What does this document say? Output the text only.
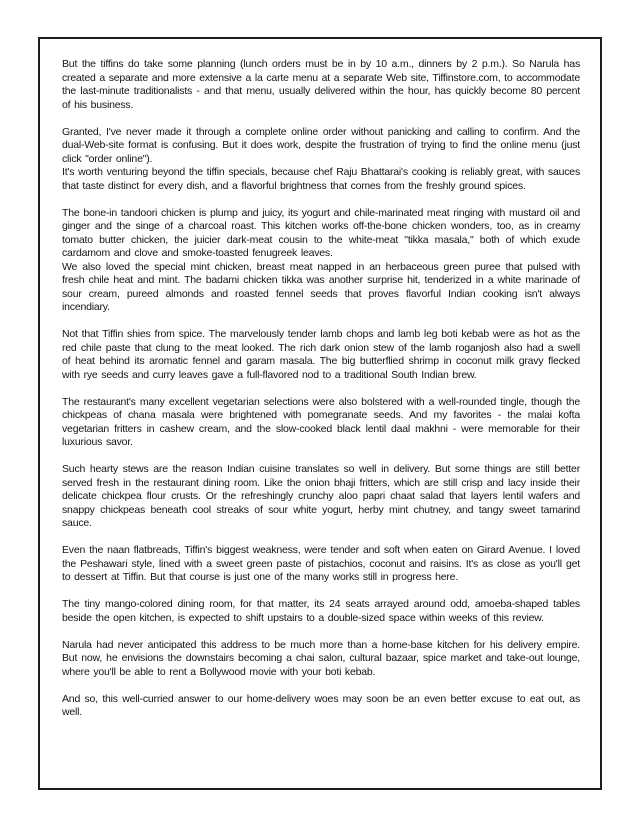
But the tiffins do take some planning (lunch orders must be in by 10 a.m., dinners by 2 p.m.). So Narula has created a separate and more extensive a la carte menu at a separate Web site, Tiffinstore.com, to accommodate the last-minute traditionalists - and that menu, usually delivered within the hour, has quickly become 80 percent of his business.

Granted, I've never made it through a complete online order without panicking and calling to confirm. And the dual-Web-site format is confusing. But it does work, despite the frustration of trying to find the online menu (just click "order online").

It's worth venturing beyond the tiffin specials, because chef Raju Bhattarai's cooking is reliably great, with sauces that taste distinct for every dish, and a flavorful brightness that comes from the freshly ground spices.

The bone-in tandoori chicken is plump and juicy, its yogurt and chile-marinated meat ringing with mustard oil and ginger and the singe of a charcoal roast. This kitchen works off-the-bone chicken wonders, too, as in creamy tomato butter chicken, the juicier dark-meat cousin to the white-meat "tikka masala," both of which exude cardamom and clove and smoke-toasted fenugreek leaves.

We also loved the special mint chicken, breast meat napped in an herbaceous green puree that pulsed with fresh chile heat and mint. The badami chicken tikka was another surprise hit, tenderized in a white marinade of sour cream, pureed almonds and roasted fennel seeds that proves flavorful Indian cooking isn't always incendiary.

Not that Tiffin shies from spice. The marvelously tender lamb chops and lamb leg boti kebab were as hot as the red chile paste that clung to the meat looked. The rich dark onion stew of the lamb roganjosh also had a swell of heat behind its aromatic fennel and garam masala. The big butterflied shrimp in coconut milk gravy flecked with rye seeds and curry leaves gave a full-flavored nod to a traditional South Indian brew.

The restaurant's many excellent vegetarian selections were also bolstered with a well-rounded tingle, though the chickpeas of chana masala were brightened with pomegranate seeds. And my favorites - the malai kofta vegetarian fritters in cashew cream, and the slow-cooked black lentil daal makhni - were memorable for their luxurious savor.

Such hearty stews are the reason Indian cuisine translates so well in delivery. But some things are still better served fresh in the restaurant dining room. Like the onion bhaji fritters, which are still crisp and lacy inside their delicate chickpea flour crusts. Or the refreshingly crunchy aloo papri chaat salad that layers lentil wafers and snappy chickpeas beneath cool streaks of sour white yogurt, herby mint chutney, and tangy sweet tamarind sauce.

Even the naan flatbreads, Tiffin's biggest weakness, were tender and soft when eaten on Girard Avenue. I loved the Peshawari style, lined with a sweet green paste of pistachios, coconut and raisins. It's as close as you'll get to dessert at Tiffin. But that course is just one of the many works still in progress here.

The tiny mango-colored dining room, for that matter, its 24 seats arrayed around odd, amoeba-shaped tables beside the open kitchen, is expected to shift upstairs to a double-sized space within weeks of this review.

Narula had never anticipated this address to be much more than a home-base kitchen for his delivery empire. But now, he envisions the downstairs becoming a chai salon, cultural bazaar, spice market and take-out lounge, where you'll be able to rent a Bollywood movie with your boti kebab.

And so, this well-curried answer to our home-delivery woes may soon be an even better excuse to eat out, as well.
